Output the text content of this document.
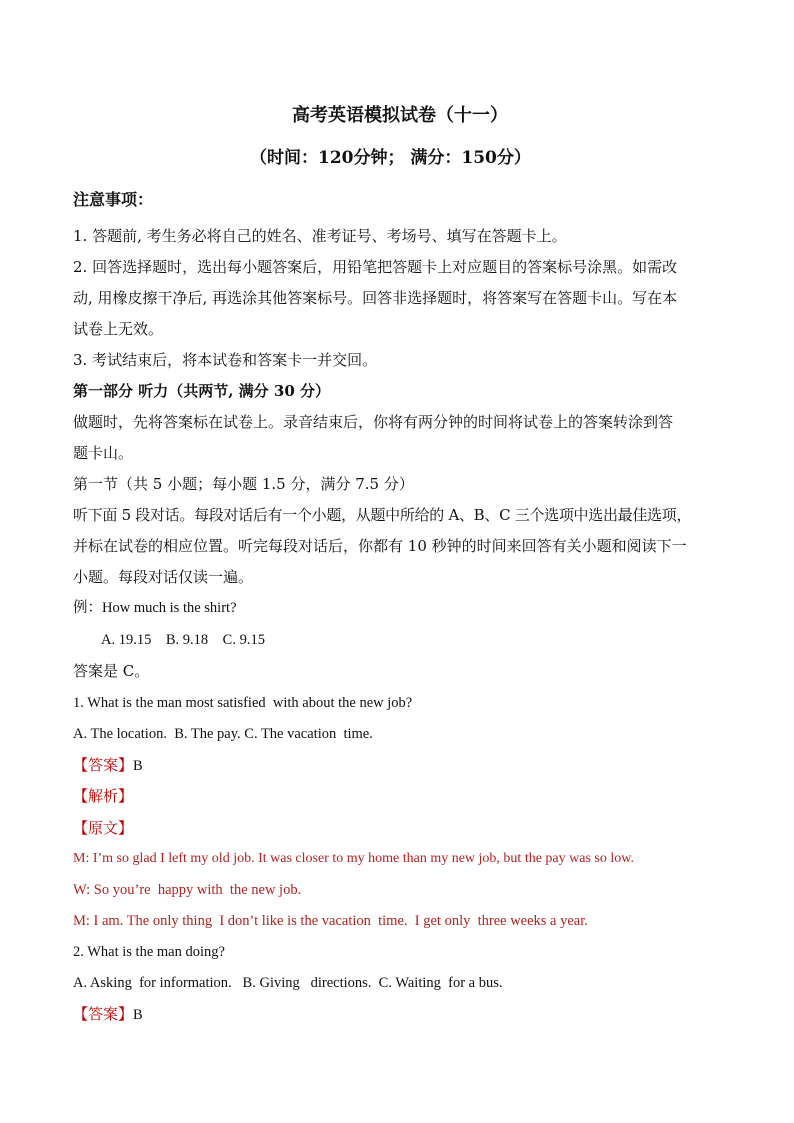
高考英语模拟试卷（十一）
（时间：120分钟； 满分：150分）
注意事项：
1. 答题前, 考生务必将自己的姓名、准考证号、考场号、填写在答题卡上。
2. 回答选择题时，选出每小题答案后，用铅笔把答题卡上对应题目的答案标号涂黑。如需改
动, 用橡皮擦干净后, 再选涂其他答案标号。回答非选择题时，将答案写在答题卡山。写在本
试卷上无效。
3. 考试结束后，将本试卷和答案卡一并交回。
第一部分 听力（共两节, 满分 30 分）
做题时，先将答案标在试卷上。录音结束后，你将有两分钟的时间将试卷上的答案转涂到答
题卡山。
第一节（共 5 小题；每小题 1.5 分，满分 7.5 分）
听下面 5 段对话。每段对话后有一个小题，从题中所给的 A、B、C 三个选项中选出最佳选项，
并标在试卷的相应位置。听完每段对话后，你都有 10 秒钟的时间来回答有关小题和阅读下一
小题。每段对话仅读一遍。
例：How much is the shirt?
A. 19.15    B. 9.18    C. 9.15
答案是 C。
1. What is the man most satisfied  with about the new job?
A. The location.  B. The pay. C. The vacation  time.
【答案】B
【解析】
【原文】
M: I’m so glad I left my old job. It was closer to my home than my new job, but the pay was so low.
W: So you’re  happy with  the new job.
M: I am. The only thing  I don’t like is the vacation  time.  I get only  three weeks a year.
2. What is the man doing?
A. Asking  for information.   B. Giving   directions.  C. Waiting  for a bus.
【答案】B
